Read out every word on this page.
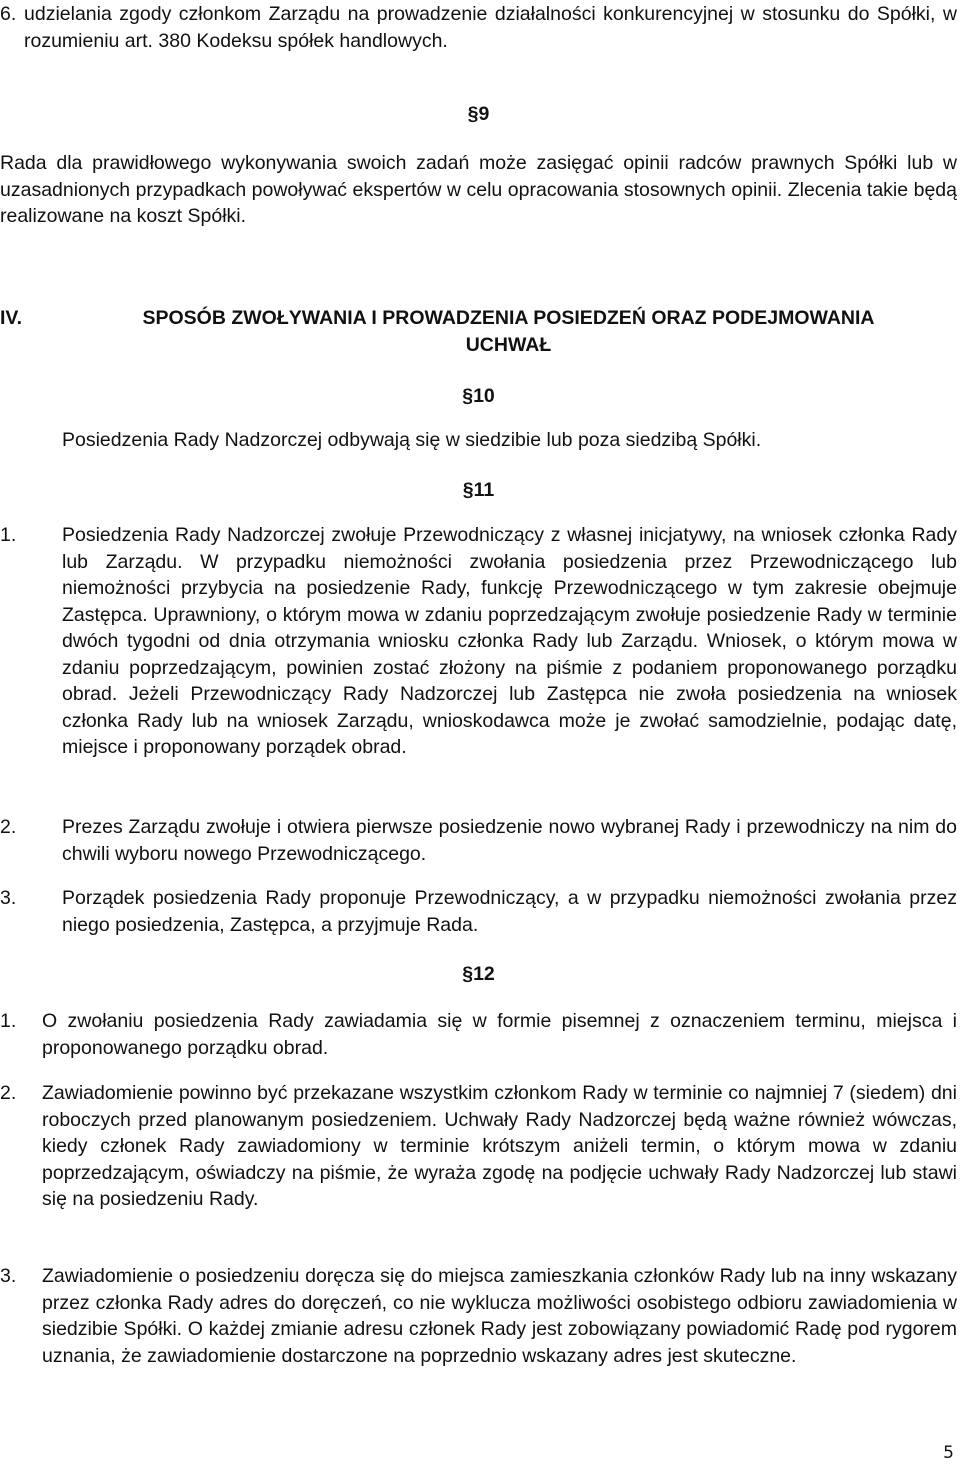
6. udzielania zgody członkom Zarządu na prowadzenie działalności konkurencyjnej w stosunku do Spółki, w rozumieniu art. 380 Kodeksu spółek handlowych.
§9
Rada dla prawidłowego wykonywania swoich zadań może zasięgać opinii radców prawnych Spółki lub w uzasadnionych przypadkach powoływać ekspertów w celu opracowania stosownych opinii. Zlecenia takie będą realizowane na koszt Spółki.
IV.	SPOSÓB ZWOŁYWANIA I PROWADZENIA POSIEDZEŃ ORAZ PODEJMOWANIA
UCHWAŁ
§10
Posiedzenia Rady Nadzorczej odbywają się w siedzibie lub poza siedzibą Spółki.
§11
1.	Posiedzenia Rady Nadzorczej zwołuje Przewodniczący z własnej inicjatywy, na wniosek członka Rady lub Zarządu. W przypadku niemożności zwołania posiedzenia przez Przewodniczącego lub niemożności przybycia na posiedzenie Rady, funkcję Przewodniczącego w tym zakresie obejmuje Zastępca. Uprawniony, o którym mowa w zdaniu poprzedzającym zwołuje posiedzenie Rady w terminie dwóch tygodni od dnia otrzymania wniosku członka Rady lub Zarządu. Wniosek, o którym mowa w zdaniu poprzedzającym, powinien zostać złożony na piśmie z podaniem proponowanego porządku obrad. Jeżeli Przewodniczący Rady Nadzorczej lub Zastępca nie zwoła posiedzenia na wniosek członka Rady lub na wniosek Zarządu, wnioskodawca może je zwołać samodzielnie, podając datę, miejsce i proponowany porządek obrad.
2.	Prezes Zarządu zwołuje i otwiera pierwsze posiedzenie nowo wybranej Rady i przewodniczy na nim do chwili wyboru nowego Przewodniczącego.
3.	Porządek posiedzenia Rady proponuje Przewodniczący, a w przypadku niemożności zwołania przez niego posiedzenia, Zastępca, a przyjmuje Rada.
§12
1.	O zwołaniu posiedzenia Rady zawiadamia się w formie pisemnej z oznaczeniem terminu, miejsca i proponowanego porządku obrad.
2.	Zawiadomienie powinno być przekazane wszystkim członkom Rady w terminie co najmniej 7 (siedem) dni roboczych przed planowanym posiedzeniem. Uchwały Rady Nadzorczej będą ważne również wówczas, kiedy członek Rady zawiadomiony w terminie krótszym aniżeli termin, o którym mowa w zdaniu poprzedzającym, oświadczy na piśmie, że wyraża zgodę na podjęcie uchwały Rady Nadzorczej lub stawi się na posiedzeniu Rady.
3.	Zawiadomienie o posiedzeniu doręcza się do miejsca zamieszkania członków Rady lub na inny wskazany przez członka Rady adres do doręczeń, co nie wyklucza możliwości osobistego odbioru zawiadomienia w siedzibie Spółki. O każdej zmianie adresu członek Rady jest zobowiązany powiadomić Radę pod rygorem uznania, że zawiadomienie dostarczone na poprzednio wskazany adres jest skuteczne.
5
